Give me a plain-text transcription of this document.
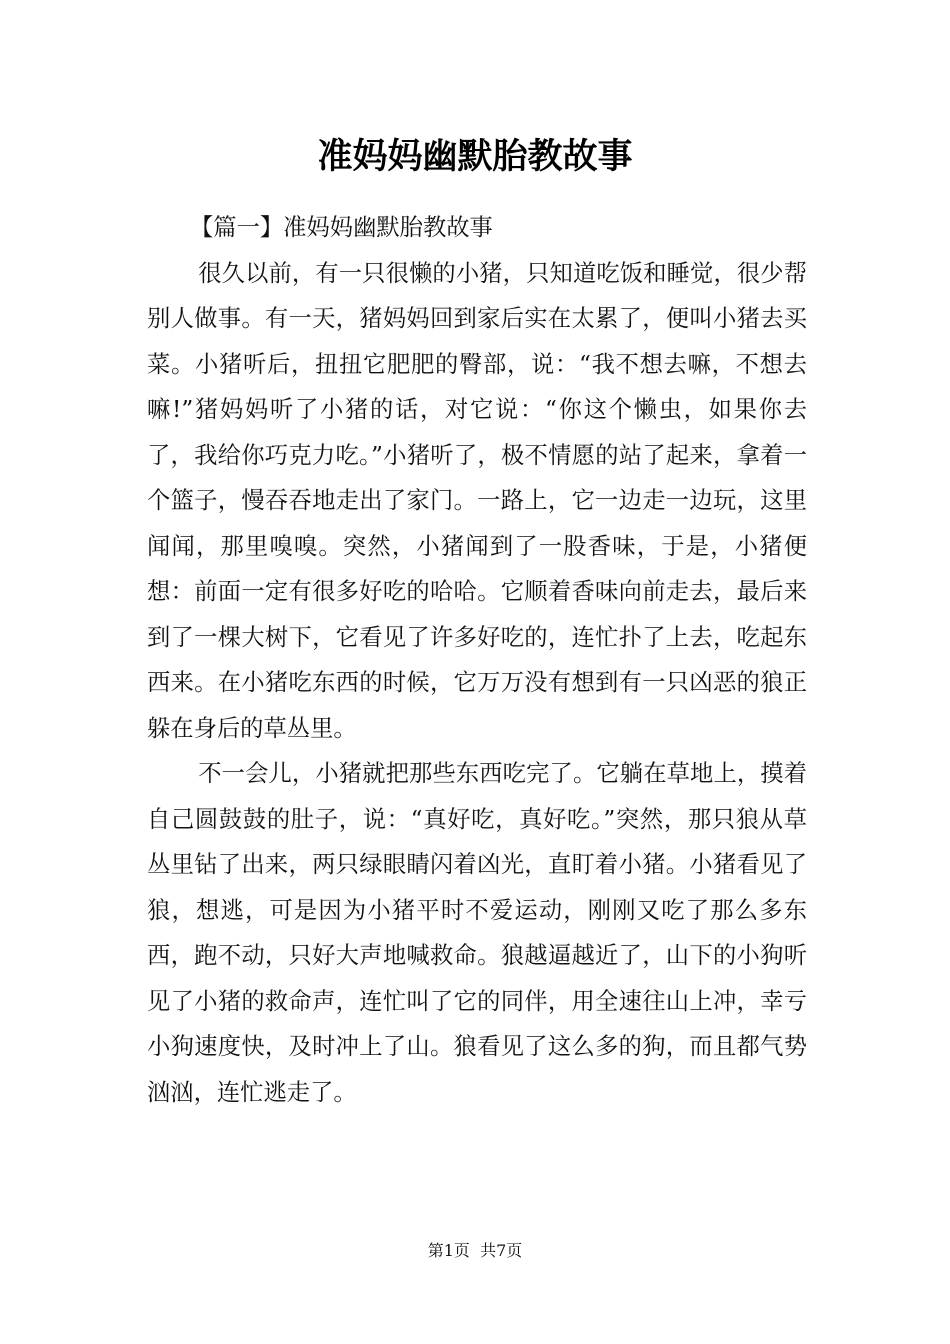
准妈妈幽默胎教故事
【篇一】准妈妈幽默胎教故事

很久以前，有一只很懒的小猪，只知道吃饭和睡觉，很少帮别人做事。有一天，猪妈妈回到家后实在太累了，便叫小猪去买菜。小猪听后，扭扭它肥肥的臀部，说：“我不想去嘛，不想去嘛!”猪妈妈听了小猪的话，对它说：“你这个懒虫，如果你去了，我给你巧克力吃。”小猪听了，极不情愿的站了起来，拿着一个篮子，慢吞吞地走出了家门。一路上，它一边走一边玩，这里闻闻，那里嗅嗅。突然，小猪闻到了一股香味，于是，小猪便想：前面一定有很多好吃的哈哈。它顺着香味向前走去，最后来到了一棵大树下，它看见了许多好吃的，连忙扑了上去，吃起东西来。在小猪吃东西的时候，它万万没有想到有一只凶恶的狼正躲在身后的草丛里。

不一会儿，小猪就把那些东西吃完了。它躺在草地上，摸着自己圆鼓鼓的肚子，说：“真好吃，真好吃。”突然，那只狼从草丛里钻了出来，两只绿眼睛闪着凶光，直盯着小猪。小猪看见了狼，想逃，可是因为小猪平时不爱运动，刚刚又吃了那么多东西，跑不动，只好大声地喊救命。狼越逼越近了，山下的小狗听见了小猪的救命声，连忙叫了它的同伴，用全速往山上冲，幸亏小狗速度快，及时冲上了山。狼看见了这么多的狗，而且都气势汹汹，连忙逃走了。

第1页 共7页
